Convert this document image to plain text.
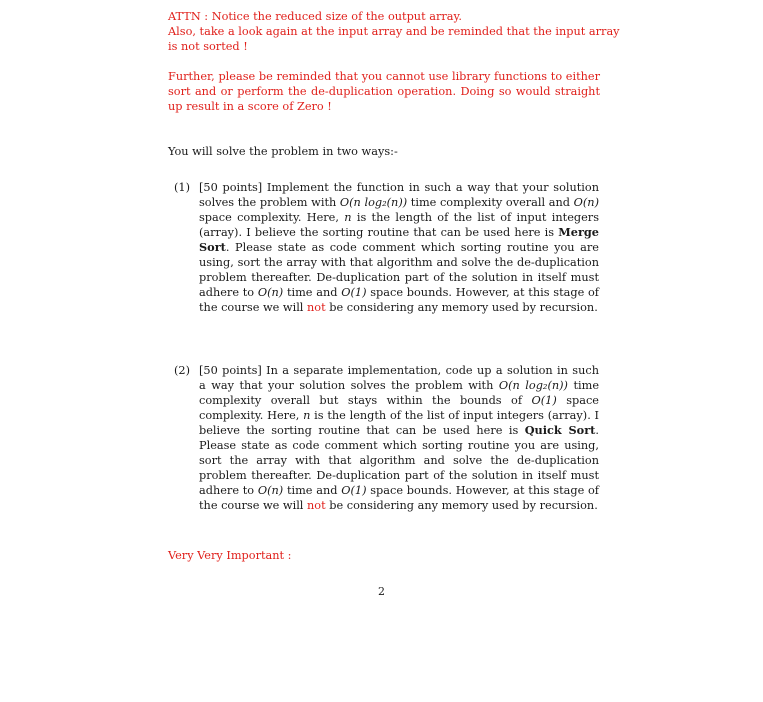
ATTN : Notice the reduced size of the output array.
Also, take a look again at the input array and be reminded that the input array
is not sorted !

Further, please be reminded that you cannot use library functions to either sort and or perform the de-duplication operation. Doing so would straight up result in a score of Zero !

You will solve the problem in two ways:-

(1) [50 points] Implement the function in such a way that your solution solves the problem with O(n log₂(n)) time complexity overall and O(n) space complexity. Here, n is the length of the list of input integers (array). I believe the sorting routine that can be used here is Merge Sort. Please state as code comment which sorting routine you are using, sort the array with that algorithm and solve the de-duplication problem thereafter. De-duplication part of the solution in itself must adhere to O(n) time and O(1) space bounds. However, at this stage of the course we will not be considering any memory used by recursion.
(2) [50 points] In a separate implementation, code up a solution in such a way that your solution solves the problem with O(n log₂(n)) time complexity overall but stays within the bounds of O(1) space complexity. Here, n is the length of the list of input integers (array). I believe the sorting routine that can be used here is Quick Sort. Please state as code comment which sorting routine you are using, sort the array with that algorithm and solve the de-duplication problem thereafter. De-duplication part of the solution in itself must adhere to O(n) time and O(1) space bounds. However, at this stage of the course we will not be considering any memory used by recursion.

Very Very Important :

2
